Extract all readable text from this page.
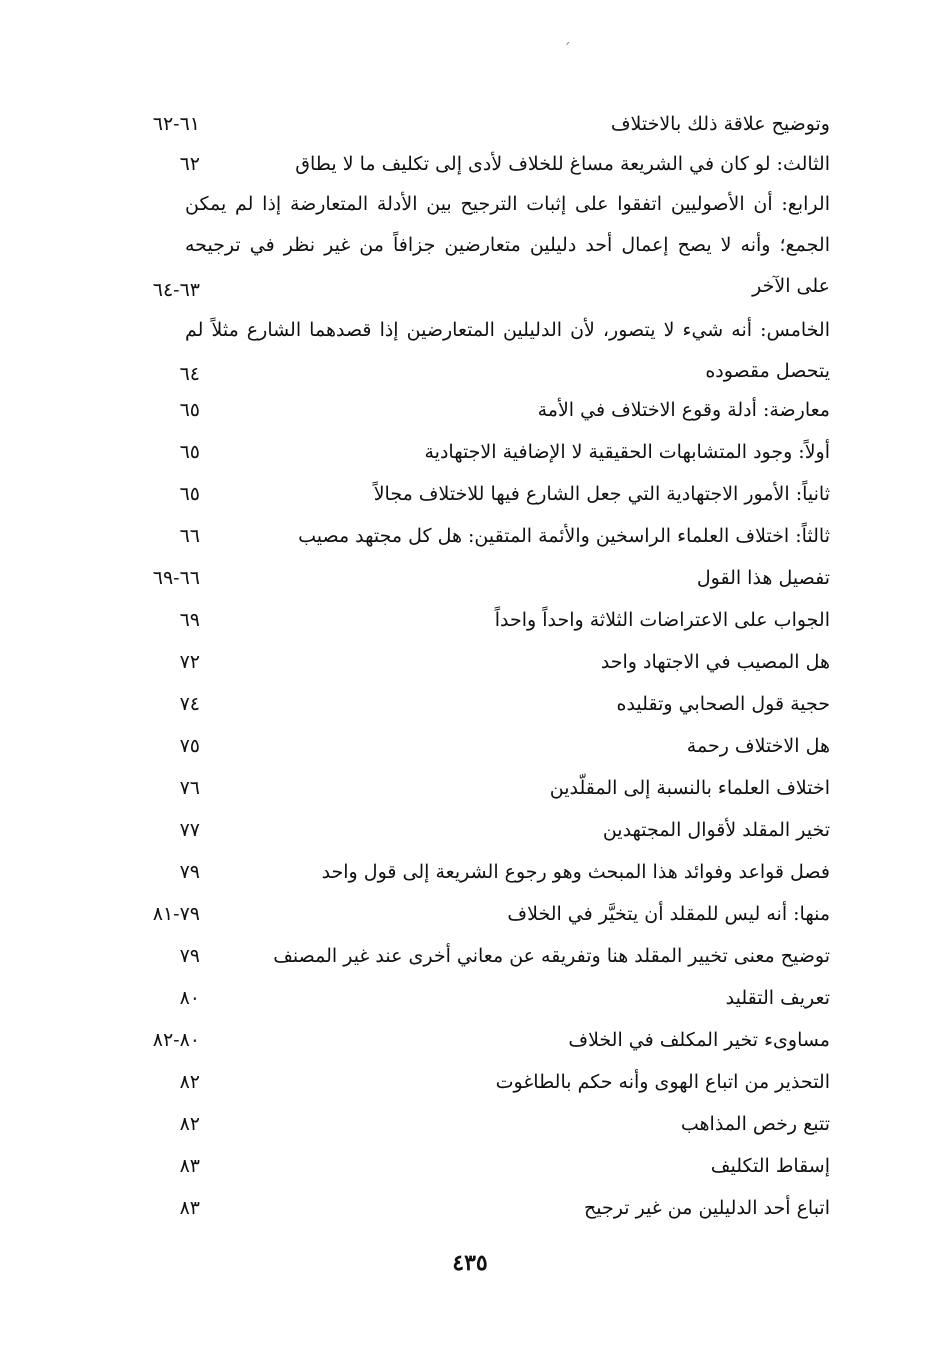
ˊ
وتوضيح علاقة ذلك بالاختلاف
٦١-٦٢
الثالث: لو كان في الشريعة مساغ للخلاف لأدى إلى تكليف ما لا يطاق
٦٢
الرابع: أن الأصوليين اتفقوا على إثبات الترجيح بين الأدلة المتعارضة إذا لم يمكن الجمع؛ وأنه لا يصح إعمال أحد دليلين متعارضين جزافاً من غير نظر في ترجيحه على الآخر
٦٣-٦٤
الخامس: أنه شيء لا يتصور، لأن الدليلين المتعارضين إذا قصدهما الشارع مثلاً لم يتحصل مقصوده
٦٤
معارضة: أدلة وقوع الاختلاف في الأمة
٦٥
أولاً: وجود المتشابهات الحقيقية لا الإضافية الاجتهادية
٦٥
ثانياً: الأمور الاجتهادية التي جعل الشارع فيها للاختلاف مجالاً
٦٥
ثالثاً: اختلاف العلماء الراسخين والأئمة المتقين: هل كل مجتهد مصيب
٦٦
تفصيل هذا القول
٦٦-٦٩
الجواب على الاعتراضات الثلاثة واحداً واحداً
٦٩
هل المصيب في الاجتهاد واحد
٧٢
حجية قول الصحابي وتقليده
٧٤
هل الاختلاف رحمة
٧٥
اختلاف العلماء بالنسبة إلى المقلّدين
٧٦
تخير المقلد لأقوال المجتهدين
٧٧
فصل قواعد وفوائد هذا المبحث وهو رجوع الشريعة إلى قول واحد
٧٩
منها: أنه ليس للمقلد أن يتخيَّر في الخلاف
٧٩-٨١
توضيح معنى تخيير المقلد هنا وتفريقه عن معاني أخرى عند غير المصنف
٧٩
تعريف التقليد
٨٠
مساوىء تخير المكلف في الخلاف
٨٠-٨٢
التحذير من اتباع الهوى وأنه حكم بالطاغوت
٨٢
تتبع رخص المذاهب
٨٢
إسقاط التكليف
٨٣
اتباع أحد الدليلين من غير ترجيح
٨٣
٤٣٥
